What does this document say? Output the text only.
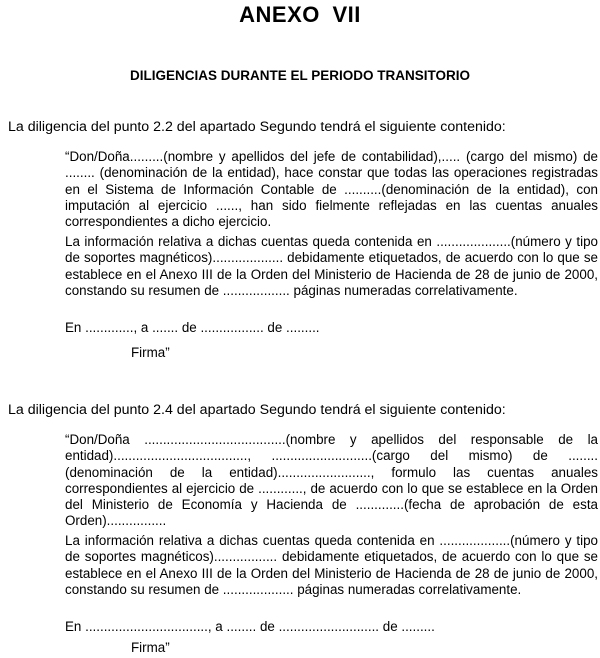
ANEXO VII
DILIGENCIAS DURANTE EL PERIODO TRANSITORIO
La diligencia del punto 2.2 del apartado Segundo tendrá el siguiente contenido:

“Don/Doña.........(nombre y apellidos del jefe de contabilidad),..... (cargo del mismo) de ........ (denominación de la entidad), hace constar que todas las operaciones registradas en el Sistema de Información Contable de ..........(denominación de la entidad), con imputación al ejercicio ......, han sido fielmente reflejadas en las cuentas anuales correspondientes a dicho ejercicio.

La información relativa a dichas cuentas queda contenida en ....................(número y tipo de soportes magnéticos)................... debidamente etiquetados, de acuerdo con lo que se establece en el Anexo III de la Orden del Ministerio de Hacienda de 28 de junio de 2000, constando su resumen de .................. páginas numeradas correlativamente.

En ............., a ....... de ................. de .........

Firma”

La diligencia del punto 2.4 del apartado Segundo tendrá el siguiente contenido:

“Don/Doña ......................................(nombre y apellidos del responsable de la entidad)...................................., ...........................(cargo del mismo) de ........ (denominación de la entidad)........................., formulo las cuentas anuales correspondientes al ejercicio de ............, de acuerdo con lo que se establece en la Orden del Ministerio de Economía y Hacienda de .............(fecha de aprobación de esta Orden)................

La información relativa a dichas cuentas queda contenida en ...................(número y tipo de soportes magnéticos)................. debidamente etiquetados, de acuerdo con lo que se establece en el Anexo III de la Orden del Ministerio de Hacienda de 28 de junio de 2000, constando su resumen de ................... páginas numeradas correlativamente.

En ................................., a ........ de ........................... de .........

Firma”
